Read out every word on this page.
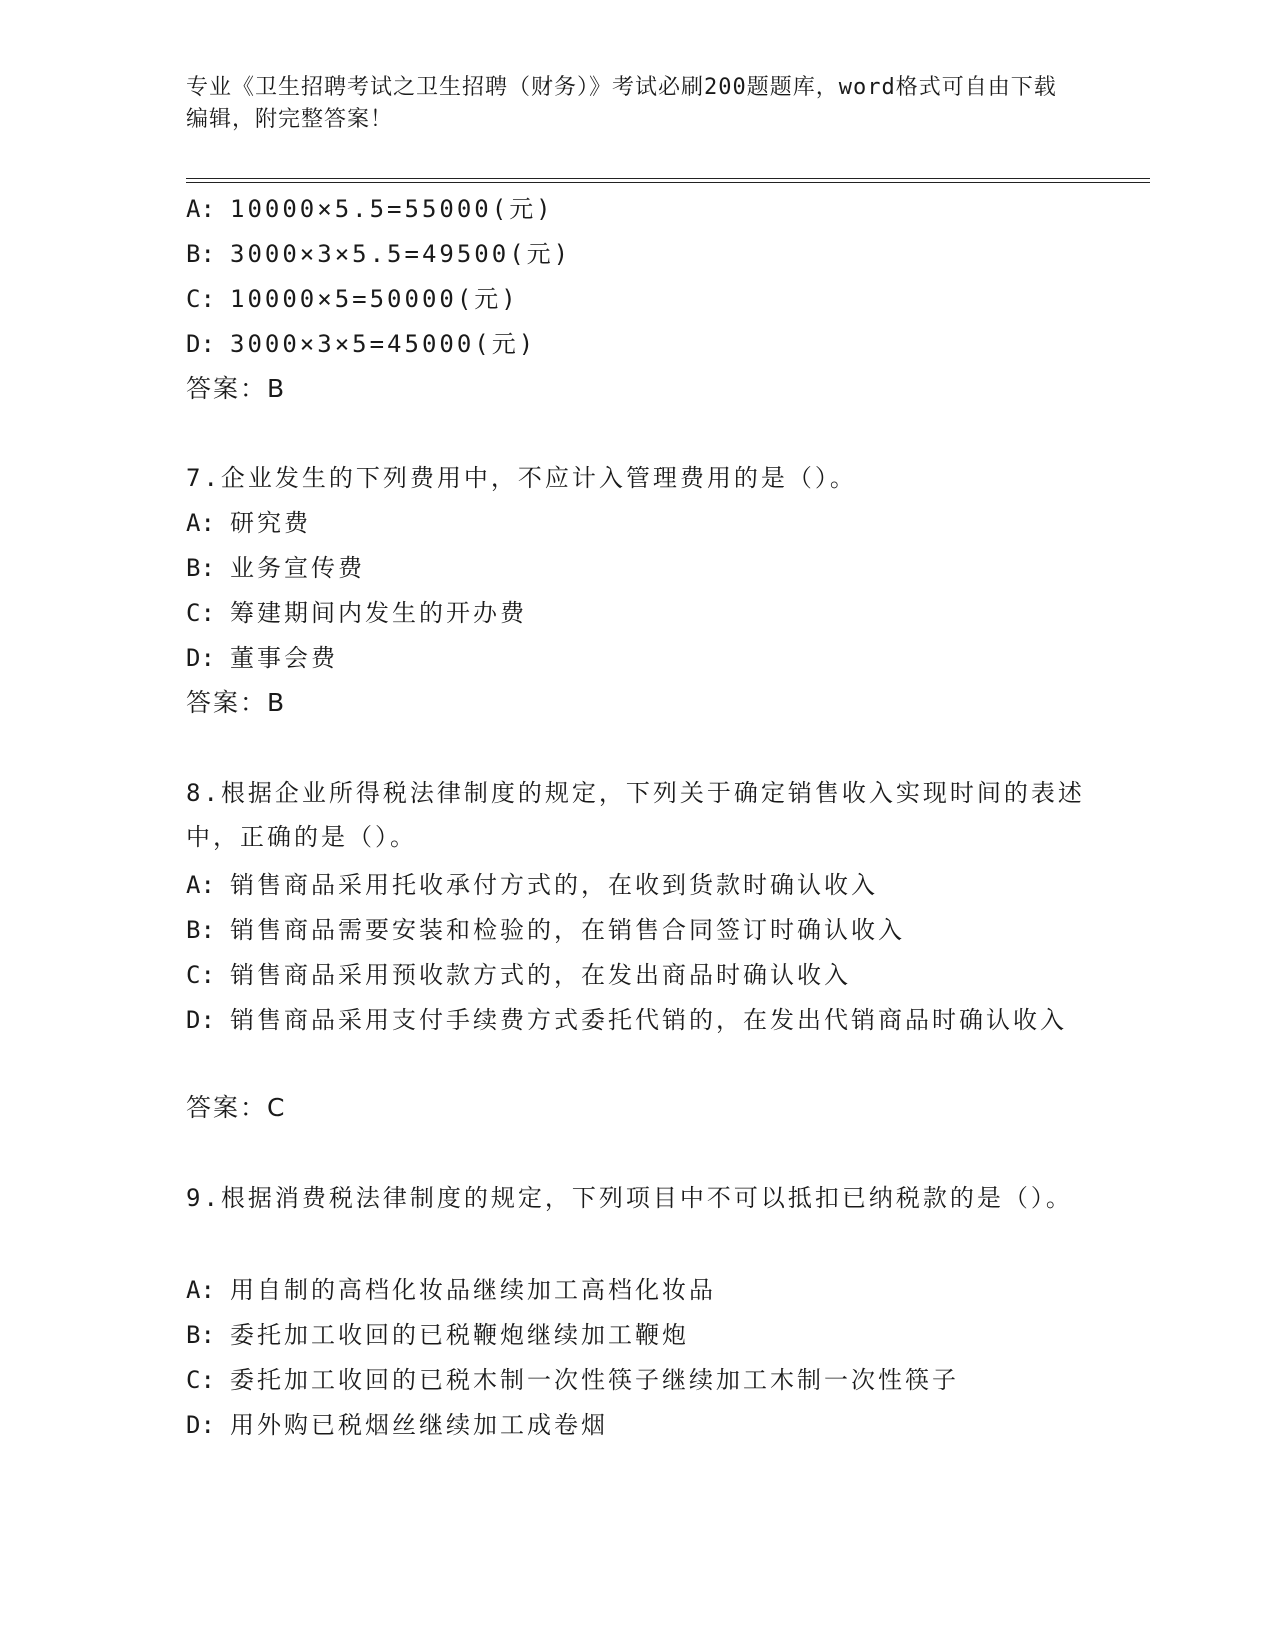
专业《卫生招聘考试之卫生招聘（财务）》考试必刷200题题库，word格式可自由下载编辑，附完整答案！
A: 10000×5.5=55000(元)
B: 3000×3×5.5=49500(元)
C: 10000×5=50000(元)
D: 3000×3×5=45000(元)
答案：B
7.企业发生的下列费用中，不应计入管理费用的是（）。
A: 研究费
B: 业务宣传费
C: 筹建期间内发生的开办费
D: 董事会费
答案：B
8.根据企业所得税法律制度的规定，下列关于确定销售收入实现时间的表述中，正确的是（）。
A: 销售商品采用托收承付方式的，在收到货款时确认收入
B: 销售商品需要安装和检验的，在销售合同签订时确认收入
C: 销售商品采用预收款方式的，在发出商品时确认收入
D: 销售商品采用支付手续费方式委托代销的，在发出代销商品时确认收入
答案：C
9.根据消费税法律制度的规定，下列项目中不可以抵扣已纳税款的是（）。
A: 用自制的高档化妆品继续加工高档化妆品
B: 委托加工收回的已税鞭炮继续加工鞭炮
C: 委托加工收回的已税木制一次性筷子继续加工木制一次性筷子
D: 用外购已税烟丝继续加工成卷烟
